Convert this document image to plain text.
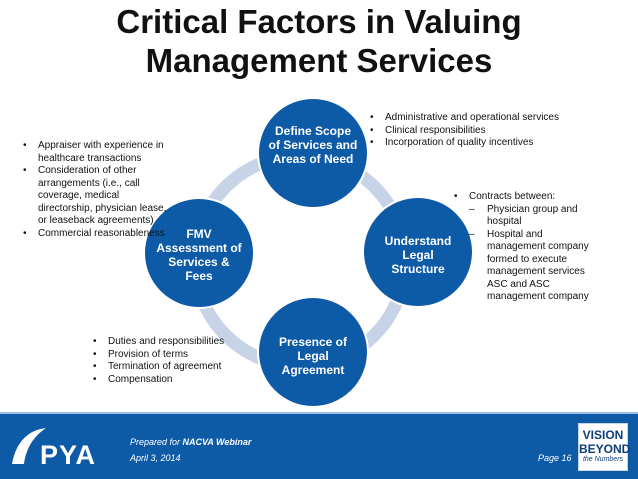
Critical Factors in Valuing
Management Services
Define Scope of Services and Areas of Need
Understand Legal Structure
Presence of Legal Agreement
FMV Assessment of Services & Fees
• Administrative and operational services
• Clinical responsibilities
• Incorporation of quality incentives
• Appraiser with experience in healthcare transactions
• Consideration of other arrangements (i.e., call coverage, medical directorship, physician lease, or leaseback agreements)
• Commercial reasonableness
• Contracts between:
– Physician group and hospital
– Hospital and management company formed to execute management services
ASC and ASC management company
• Duties and responsibilities
• Provision of terms
• Termination of agreement
• Compensation
PYA	Prepared for NACVA Webinar
April 3, 2014	Page 16
VISION
BEYOND
the Numbers
